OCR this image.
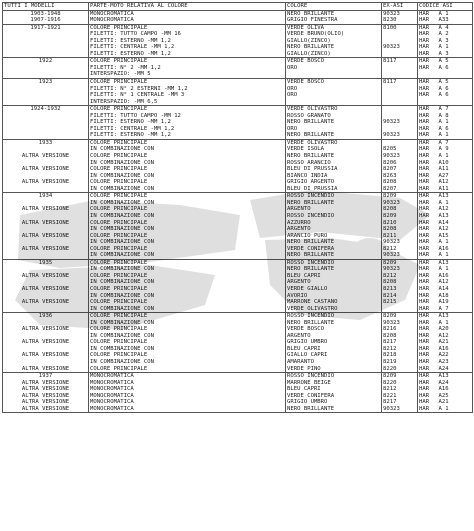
TUTTI I MODELLI	PARTE-MOTO RELATIVA AL COLORE	COLORE	EX-ASI	CODICE ASI	
1903-1948	MONOCROMATICA	NERO BRILLANTE	90323	HAR	A 1
1907-1916	MONOCROMATICA	GRIGIO FINESTRA	8230	HAR	A33
1917-1921	COLORE PRINCIPALE	VERDE OLIVA	8100	HAR	A 4
	FILETTI: TUTTO CAMPO -MM 16	VERDE BRUNO(OLIO)		HAR	A 2
	FILETTI: ESTERNO -MM 1,2	GIALLO(ZINCO)		HAR	A 3
	FILETTI: CENTRALE -MM 1,2	NERO BRILLANTE	90323	HAR	A 1
	FILETTI: ESTERNO -MM 1,2	GIALLO(ZINCO)		HAR	A 3
1922	COLORE PRINCIPALE	VERDE BOSCO	8117	HAR	A 5
	FILETTI: N° 2 -MM 1,2	ORO		HAR	A 6
	INTERSPAZIO: -MM 5				
1923	COLORE PRINCIPALE	VERDE BOSCO	8117	HAR	A 5
	FILETTI: N° 2 ESTERNI -MM 1,2	ORO		HAR	A 6
	FILETTI: N° 1 CENTRALE -MM 3	ORO		HAR	A 6
	INTERSPAZIO: -MM 6,5				
1924-1932	COLORE PRINCIPALE	VERDE OLIVASTRO		HAR	A 7
	FILETTI: TUTTO CAMPO -MM 12	ROSSO GRANATO		HAR	A 8
	FILETTI: ESTERNO -MM 1,2	NERO BRILLANTE	90323	HAR	A 1
	FILETTI: CENTRALE -MM 1,2	ORO		HAR	A 6
	FILETTI: ESTERNO -MM 1,2	NERO BRILLANTE	90323	HAR	A 1
1933	COLORE PRINCIPALE	VERDE OLIVASTRO		HAR	A 7
	IN COMBINAZIONE CON	VERDE ISOLA	8205	HAR	A 9
ALTRA VERSIONE	COLORE PRINCIPALE	NERO BRILLANTE	90323	HAR	A 1
	IN COMBINAZIONE CON	ROSSO ARANCIO	8206	HAR	A10
ALTRA VERSIONE	COLORE PRINCIPALE	BLEU DI PRUSSIA	8207	HAR	A11
	IN COMBINAZIONE CON	BIANCO INDIA	8263	HAR	A27
ALTRA VERSIONE	COLORE PRINCIPALE	GRIGIO ARGENTO	8208	HAR	A12
	IN COMBINAZIONE CON	BLEU DI PRUSSIA	8207	HAR	A11
1934	COLORE PRINCIPALE	ROSSO INCENDIO	8209	HAR	A13
	IN COMBINAZIONE CON	NERO BRILLANTE	90323	HAR	A 1
ALTRA VERSIONE	COLORE PRINCIPALE	ARGENTO	8208	HAR	A12
	IN COMBINAZIONE CON	ROSSO INCENDIO	8209	HAR	A13
ALTRA VERSIONE	COLORE PRINCIPALE	AZZURRO	8210	HAR	A14
	IN COMBINAZIONE CON	ARGENTO	8208	HAR	A12
ALTRA VERSIONE	COLORE PRINCIPALE	ARANCIO PURO	8211	HAR	A15
	IN COMBINAZIONE CON	NERO BRILLANTE	90323	HAR	A 1
ALTRA VERSIONE	COLORE PRINCIPALE	VERDE CONIFERA	8212	HAR	A16
	IN COMBINAZIONE CON	NERO BRILLANTE	90323	HAR	A 1
1935	COLORE PRINCIPALE	ROSSO INCENDIO	8209	HAR	A13
	IN COMBINAZIONE CON	NERO BRILLANTE	90323	HAR	A 1
ALTRA VERSIONE	COLORE PRINCIPALE	BLEU CAPRI	8212	HAR	A16
	IN COMBINAZIONE CON	ARGENTO	8208	HAR	A12
ALTRA VERSIONE	COLORE PRINCIPALE	VERDE GIALLO	8213	HAR	A14
	IN COMBINAZIONE CON	AVORIO	8214	HAR	A18
ALTRA VERSIONE	COLORE PRINCIPALE	MARRONE CASTANO	8215	HAR	A19
	IN COMBINAZIONE CON	VERDE OLIVASTRO		HAR	A 7
1936	COLORE PRINCIPALE	ROSSO INCENDIO	8209	HAR	A13
	IN COMBINAZIONE CON	NERO BRILLANTE	90323	HAR	A 1
ALTRA VERSIONE	COLORE PRINCIPALE	VERDE BOSCO	8216	HAR	A20
	IN COMBINAZIONE CON	ARGENTO	8208	HAR	A12
ALTRA VERSIONE	COLORE PRINCIPALE	GRIGIO UMBRO	8217	HAR	A21
	IN COMBINAZIONE CON	BLEU CAPRI	8212	HAR	A16
ALTRA VERSIONE	COLORE PRINCIPALE	GIALLO CAPRI	8218	HAR	A22
	IN COMBINAZIONE CON	AMARANTO	8219	HAR	A23
ALTRA VERSIONE	COLORE PRINCIPALE	VERDE PINO	8220	HAR	A24
1937	MONOCROMATICA	ROSSO INCENDIO	8209	HAR	A13
ALTRA VERSIONE	MONOCROMATICA	MARRONE BEIGE	8220	HAR	A24
ALTRA VERSIONE	MONOCROMATICA	BLEU CAPRI	8212	HAR	A16
ALTRA VERSIONE	MONOCROMATICA	VERDE CONIFERA	8221	HAR	A25
ALTRA VERSIONE	MONOCROMATICA	GRIGIO UMBRO	8217	HAR	A21
ALTRA VERSIONE	MONOCROMATICA	NERO BRILLANTE	90323	HAR	A 1
